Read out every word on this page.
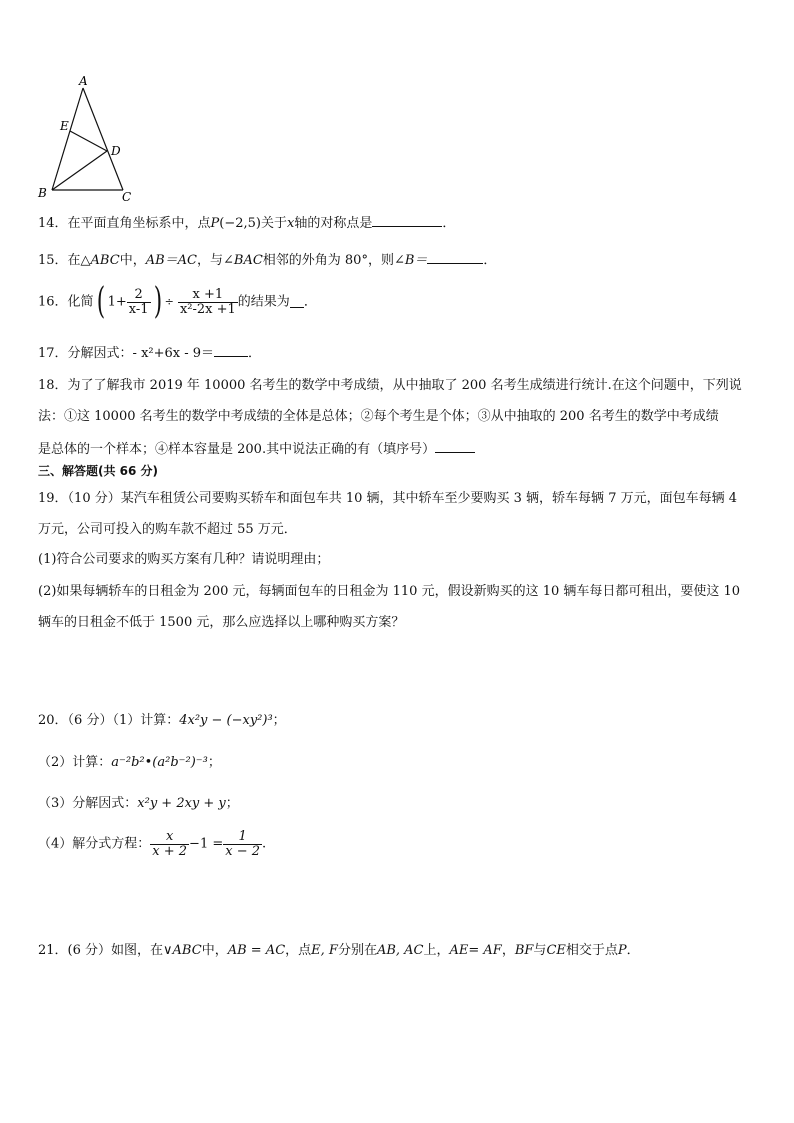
A
E
D
B	C
14．在平面直角坐标系中，点P(−2,5)关于x轴的对称点是	．
15．在△ABC中，AB＝AC，与∠BAC相邻的外角为 80°，则∠B＝	．
16．化简( $1+ \frac{2}{x-1}$ ) ÷ $\frac{x +1}{\text{x²-2x +1}}$ 的结果为 ．
17．分解因式：- x²+6x - 9＝	．
18．为了了解我市 2019 年 10000 名考生的数学中考成绩，从中抽取了 200 名考生成绩进行统计.在这个问题中，下列说
法：①这 10000 名考生的数学中考成绩的全体是总体；②每个考生是个体；③从中抽取的 200 名考生的数学中考成绩
是总体的一个样本；④样本容量是 200.其中说法正确的有（填序号）
三、解答题(共 66 分)
19．（10 分）某汽车租赁公司要购买轿车和面包车共 10 辆，其中轿车至少要购买 3 辆，轿车每辆 7 万元，面包车每辆 4
万元，公司可投入的购车款不超过 55 万元．
(1)符合公司要求的购买方案有几种？请说明理由；
(2)如果每辆轿车的日租金为 200 元，每辆面包车的日租金为 110 元，假设新购买的这 10 辆车每日都可租出，要使这 10
辆车的日租金不低于 1500 元，那么应选择以上哪种购买方案？
20．（6 分）（1）计算：4x²y − (−xy²)³；
（2）计算：a⁻²b²•(a²b⁻²)⁻³；
（3）分解因式：x²y + 2xy + y；
（4）解分式方程： $\frac{x}{x + 2} -1 = \frac{1}{x - 2}$ .
21．(6 分）如图，在∨ABC中，AB = AC，点E, F分别在AB, AC上，AE= AF，BF与CE相交于点P．
